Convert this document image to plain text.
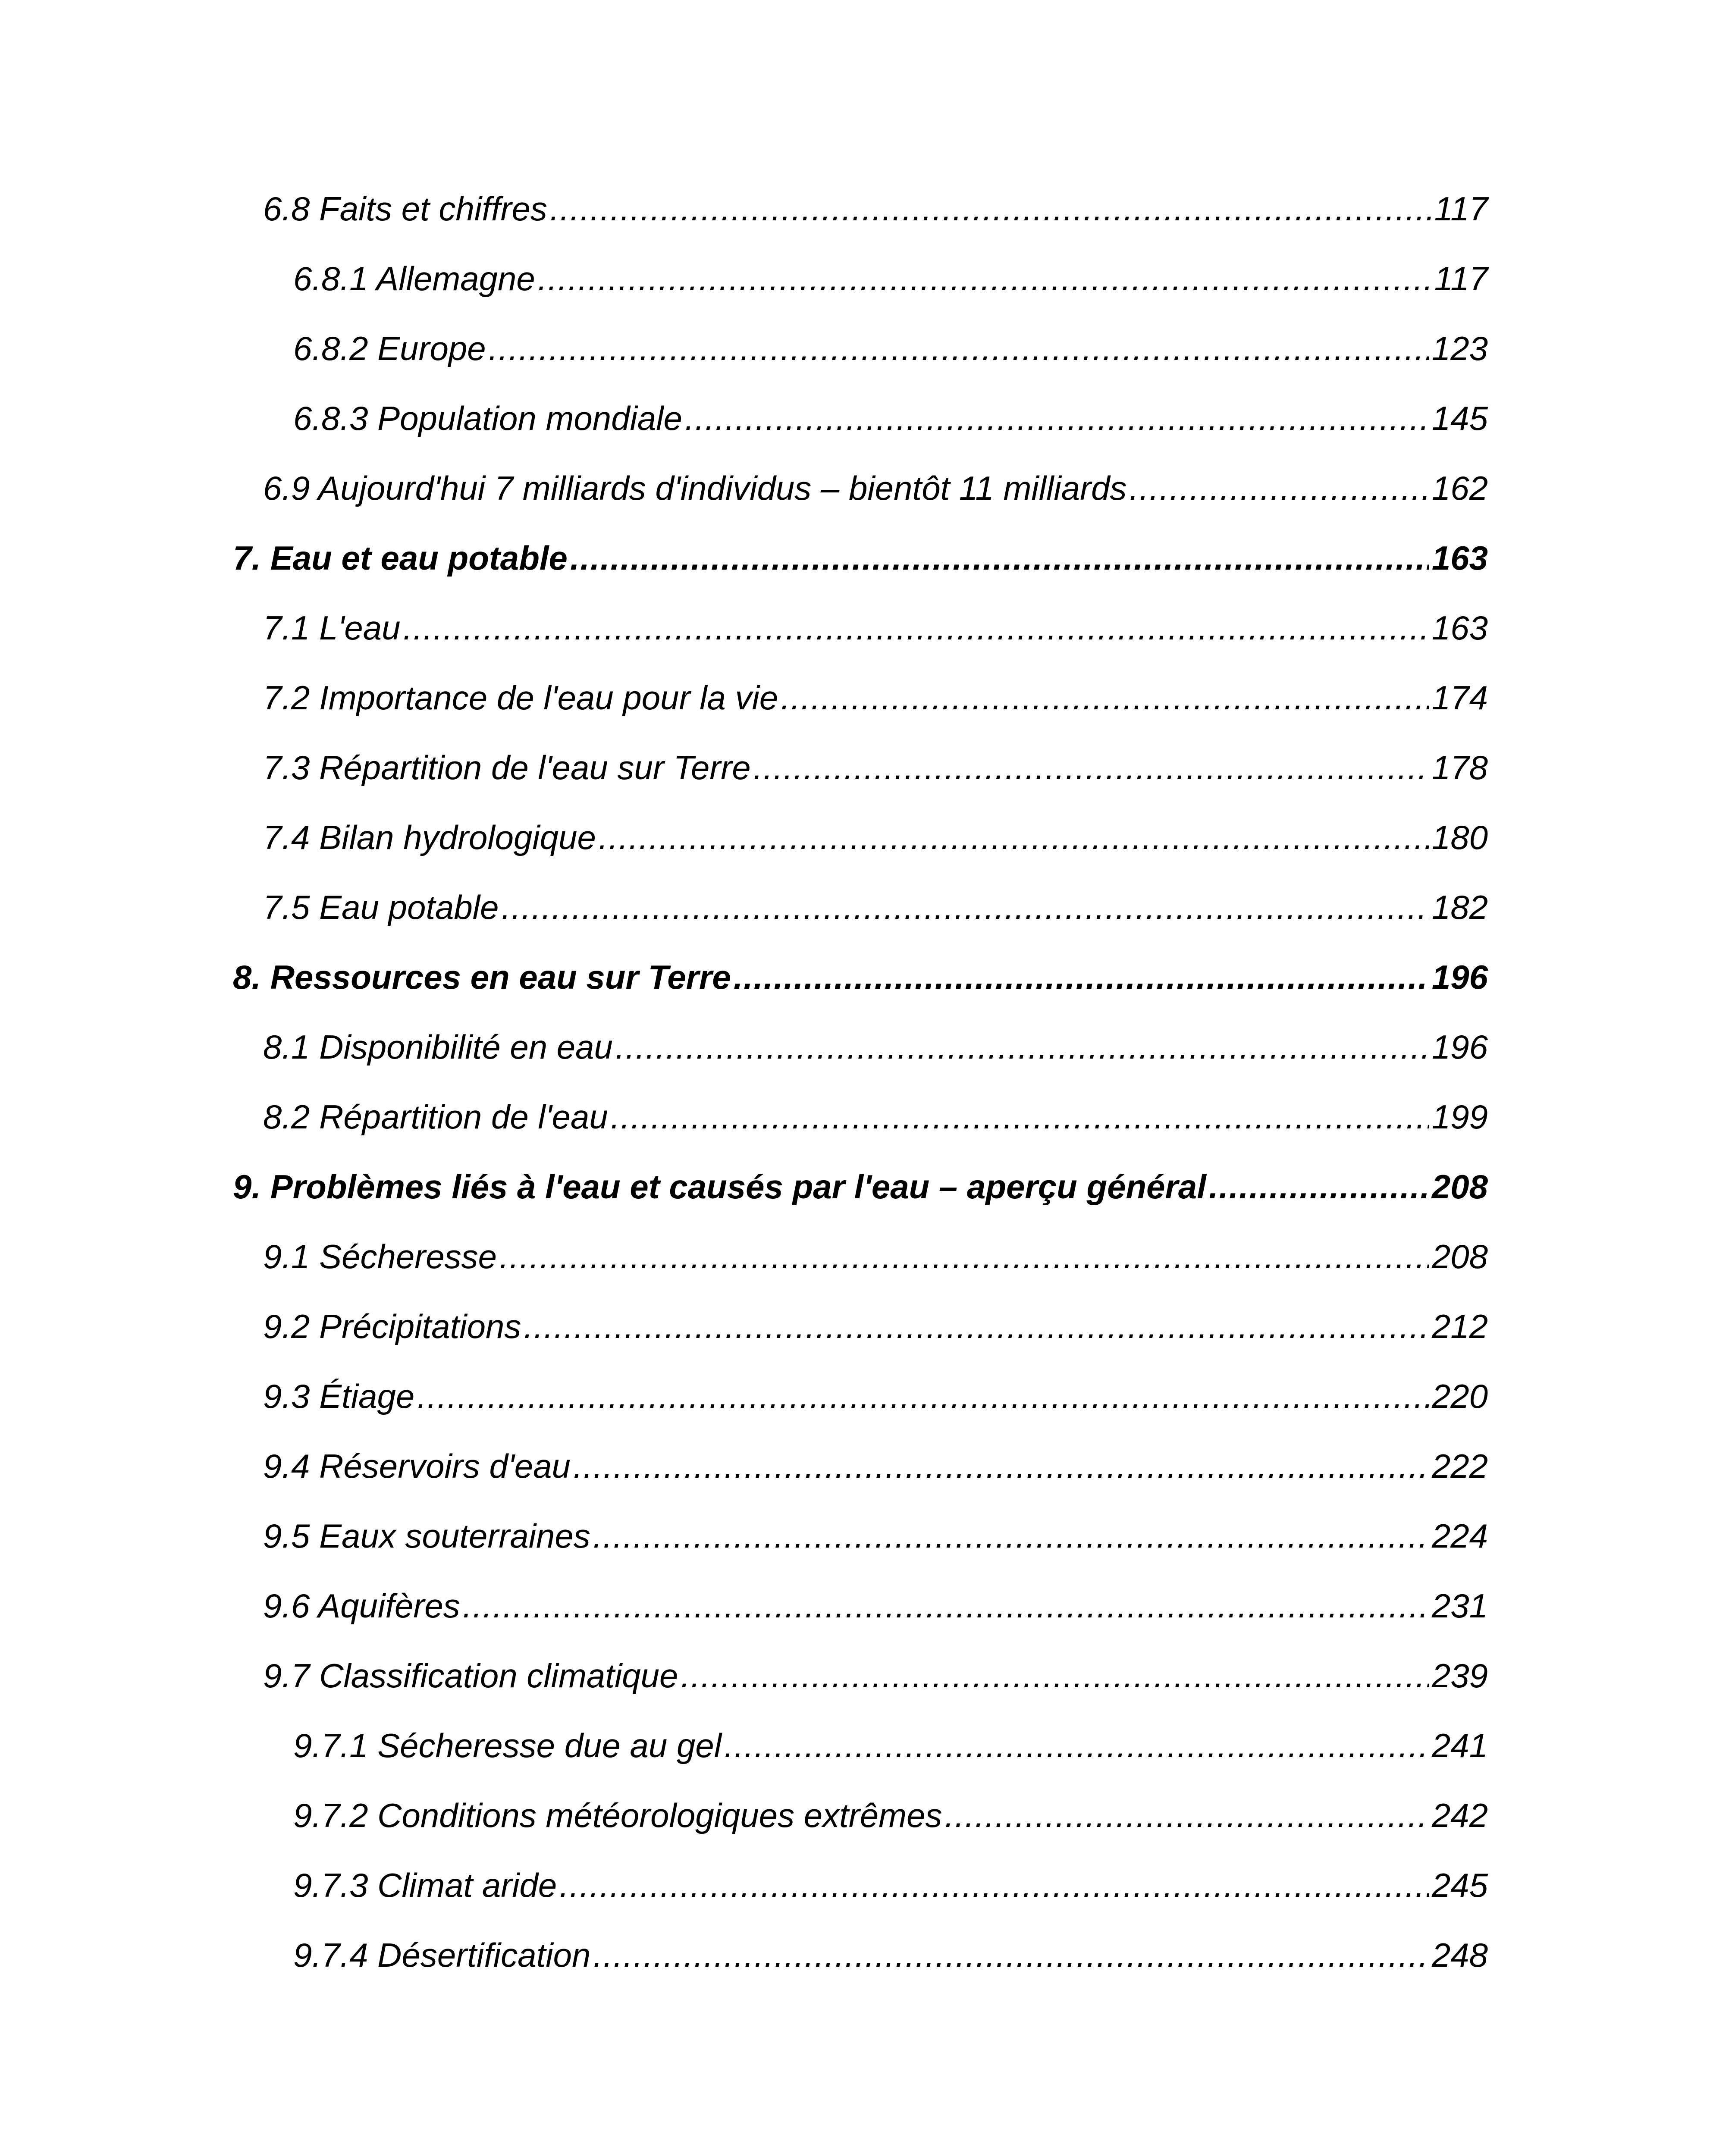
6.8 Faits et chiffres . . .	117
6.8.1 Allemagne . . .	117
6.8.2 Europe . . .	123
6.8.3 Population mondiale . . .	145
6.9 Aujourd'hui 7 milliards d'individus – bientôt 11 milliards . . .	162
7. Eau et eau potable . . .	163
7.1 L'eau . . .	163
7.2 Importance de l'eau pour la vie . . .	174
7.3 Répartition de l'eau sur Terre . . .	178
7.4 Bilan hydrologique . . .	180
7.5 Eau potable . . .	182
8. Ressources en eau sur Terre . . .	196
8.1 Disponibilité en eau . . .	196
8.2 Répartition de l'eau . . .	199
9. Problèmes liés à l'eau et causés par l'eau – aperçu général . . .	208
9.1 Sécheresse . . .	208
9.2 Précipitations . . .	212
9.3 Étiage . . .	220
9.4 Réservoirs d'eau . . .	222
9.5 Eaux souterraines . . .	224
9.6 Aquifères . . .	231
9.7 Classification climatique . . .	239
9.7.1 Sécheresse due au gel . . .	241
9.7.2 Conditions météorologiques extrêmes . . .	242
9.7.3 Climat aride . . .	245
9.7.4 Désertification . . .	248
